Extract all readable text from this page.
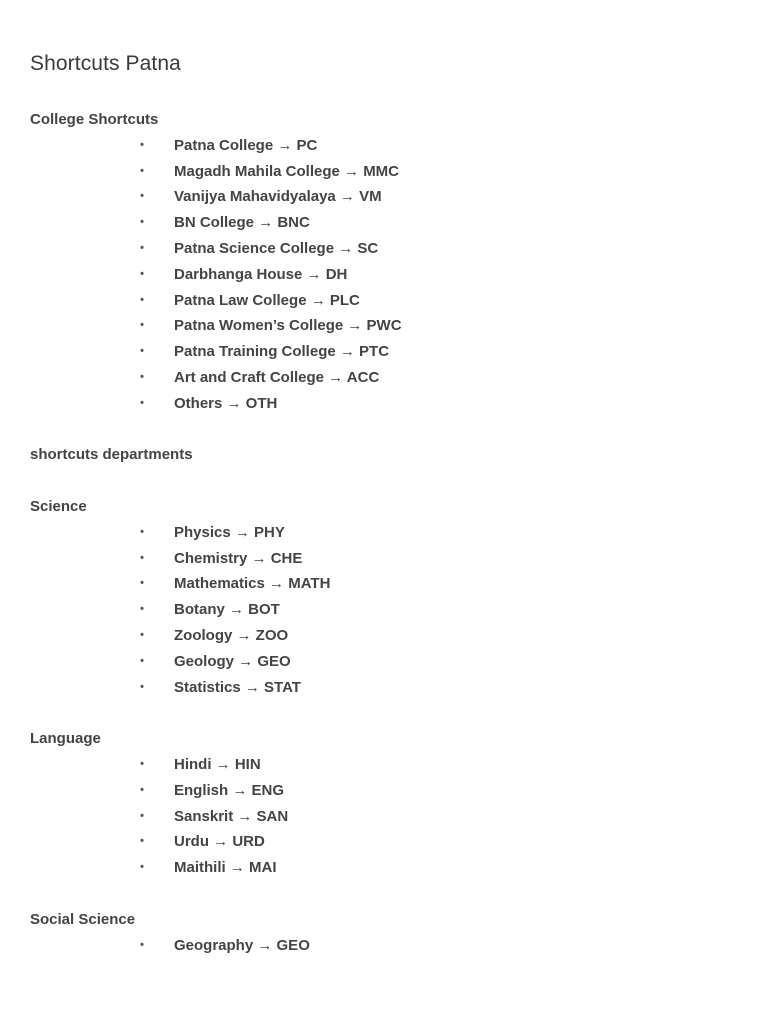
Shortcuts Patna
College Shortcuts
• Patna College → PC
• Magadh Mahila College → MMC
• Vanijya Mahavidyalaya → VM
• BN College → BNC
• Patna Science College → SC
• Darbhanga House → DH
• Patna Law College → PLC
• Patna Women’s College → PWC
• Patna Training College → PTC
• Art and Craft College → ACC
• Others → OTH
shortcuts departments
Science
• Physics → PHY
• Chemistry → CHE
• Mathematics → MATH
• Botany → BOT
• Zoology → ZOO
• Geology → GEO
• Statistics → STAT
Language
• Hindi → HIN
• English → ENG
• Sanskrit → SAN
• Urdu → URD
• Maithili → MAI
Social Science
• Geography → GEO
